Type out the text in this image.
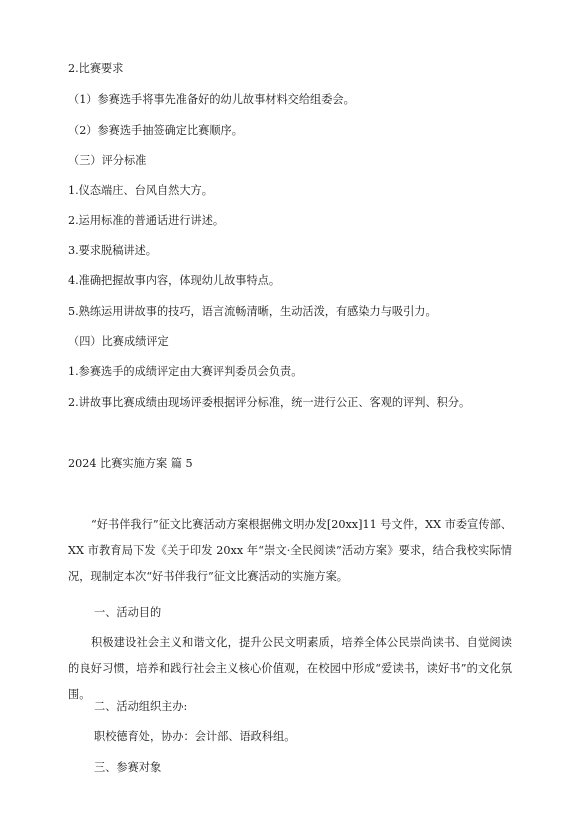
2.比赛要求
（1）参赛选手将事先准备好的幼儿故事材料交给组委会。
（2）参赛选手抽签确定比赛顺序。
（三）评分标准
1.仪态端庄、台风自然大方。
2.运用标准的普通话进行讲述。
3.要求脱稿讲述。
4.准确把握故事内容，体现幼儿故事特点。
5.熟练运用讲故事的技巧，语言流畅清晰，生动活泼，有感染力与吸引力。
（四）比赛成绩评定
1.参赛选手的成绩评定由大赛评判委员会负责。
2.讲故事比赛成绩由现场评委根据评分标准，统一进行公正、客观的评判、积分。
2024 比赛实施方案 篇 5
“好书伴我行”征文比赛活动方案根据佛文明办发[20xx]11 号文件，XX 市委宣传部、XX 市教育局下发《关于印发 20xx 年“崇文·全民阅读”活动方案》要求，结合我校实际情况，现制定本次“好书伴我行”征文比赛活动的实施方案。
一、活动目的
积极建设社会主义和谐文化，提升公民文明素质，培养全体公民崇尚读书、自觉阅读的良好习惯，培养和践行社会主义核心价值观，在校园中形成“爱读书，读好书”的文化氛围。
二、活动组织主办:
职校德育处，协办：会计部、语政科组。
三、参赛对象
